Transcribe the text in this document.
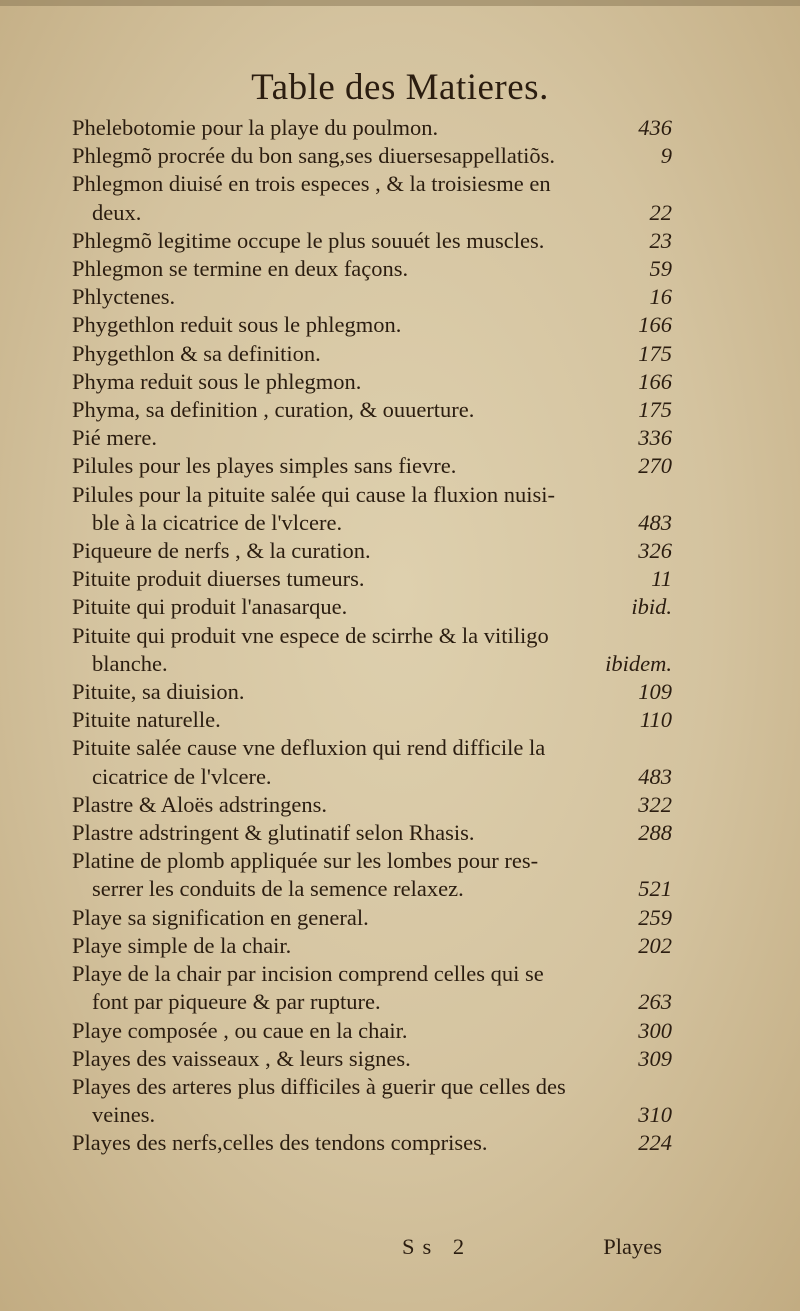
Table des Matieres.
Phelebotomie pour la playe du poulmon.	436
Phlegmõ procrée du bon sang,ses diuersesappellatiõs.	9
Phlegmon diuisé en trois especes , & la troisiesme en
deux.	22
Phlegmõ legitime occupe le plus souuét les muscles.	23
Phlegmon se termine en deux façons.	59
Phlyctenes.	16
Phygethlon reduit sous le phlegmon.	166
Phygethlon & sa definition.	175
Phyma reduit sous le phlegmon.	166
Phyma, sa definition , curation, & ouuerture.	175
Pié mere.	336
Pilules pour les playes simples sans fievre.	270
Pilules pour la pituite salée qui cause la fluxion nuisi-
ble à la cicatrice de l'vlcere.	483
Piqueure de nerfs , & la curation.	326
Pituite produit diuerses tumeurs.	11
Pituite qui produit l'anasarque.	ibid.
Pituite qui produit vne espece de scirrhe & la vitiligo
blanche.	ibidem.
Pituite, sa diuision.	109
Pituite naturelle.	110
Pituite salée cause vne defluxion qui rend difficile la
cicatrice de l'vlcere.	483
Plastre & Aloës adstringens.	322
Plastre adstringent & glutinatif selon Rhasis.	288
Platine de plomb appliquée sur les lombes pour res-
serrer les conduits de la semence relaxez.	521
Playe sa signification en general.	259
Playe simple de la chair.	202
Playe de la chair par incision comprend celles qui se
font par piqueure & par rupture.	263
Playe composée , ou caue en la chair.	300
Playes des vaisseaux , & leurs signes.	309
Playes des arteres plus difficiles à guerir que celles des
veines.	310
Playes des nerfs,celles des tendons comprises.	224
Ss 2	Playes
